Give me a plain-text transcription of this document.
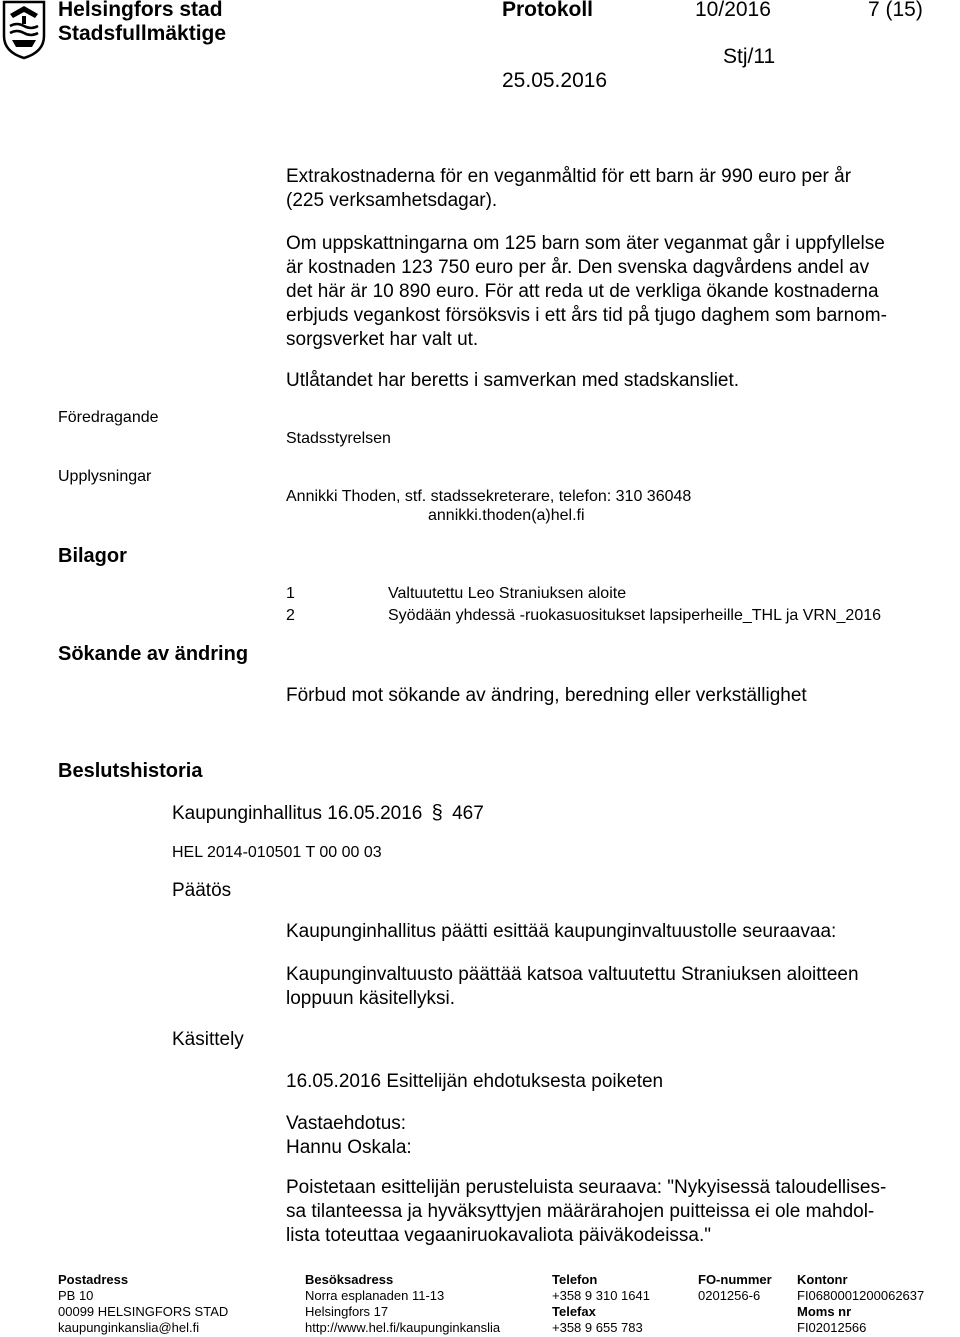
Helsingfors stad
Stadsfullmäktige
Protokoll	10/2016	7 (15)
Stj/11
25.05.2016
Extrakostnaderna för en veganmåltid för ett barn är 990 euro per år
(225 verksamhetsdagar).
Om uppskattningarna om 125 barn som äter veganmat går i uppfyllelse
är kostnaden 123 750 euro per år. Den svenska dagvårdens andel av
det här är 10 890 euro. För att reda ut de verkliga ökande kostnaderna
erbjuds vegankost försöksvis i ett års tid på tjugo daghem som barnom-
sorgsverket har valt ut.
Utlåtandet har beretts i samverkan med stadskansliet.
Föredragande
Stadsstyrelsen
Upplysningar
Annikki Thoden, stf. stadssekreterare, telefon: 310 36048
annikki.thoden(a)hel.fi
Bilagor
1	Valtuutettu Leo Straniuksen aloite
2	Syödään yhdessä -ruokasuositukset lapsiperheille_THL ja VRN_2016
Sökande av ändring
Förbud mot sökande av ändring, beredning eller verkställighet
Beslutshistoria
Kaupunginhallitus 16.05.2016 § 467
HEL 2014-010501 T 00 00 03
Päätös
Kaupunginhallitus päätti esittää kaupunginvaltuustolle seuraavaa:
Kaupunginvaltuusto päättää katsoa valtuutettu Straniuksen aloitteen
loppuun käsitellyksi.
Käsittely
16.05.2016 Esittelijän ehdotuksesta poiketen
Vastaehdotus:
Hannu Oskala:
Poistetaan esittelijän perusteluista seuraava: "Nykyisessä taloudellises-
sa tilanteessa ja hyväksyttyjen määrärahojen puitteissa ei ole mahdol-
lista toteuttaa vegaaniruokavaliota päiväkodeissa."
Postadress
PB 10
00099 HELSINGFORS STAD
kaupunginkanslia@hel.fi
Besöksadress
Norra esplanaden 11-13
Helsingfors 17
http://www.hel.fi/kaupunginkanslia
Telefon
+358 9 310 1641
Telefax
+358 9 655 783
FO-nummer
0201256-6
Kontonr
FI0680001200062637
Moms nr
FI02012566
